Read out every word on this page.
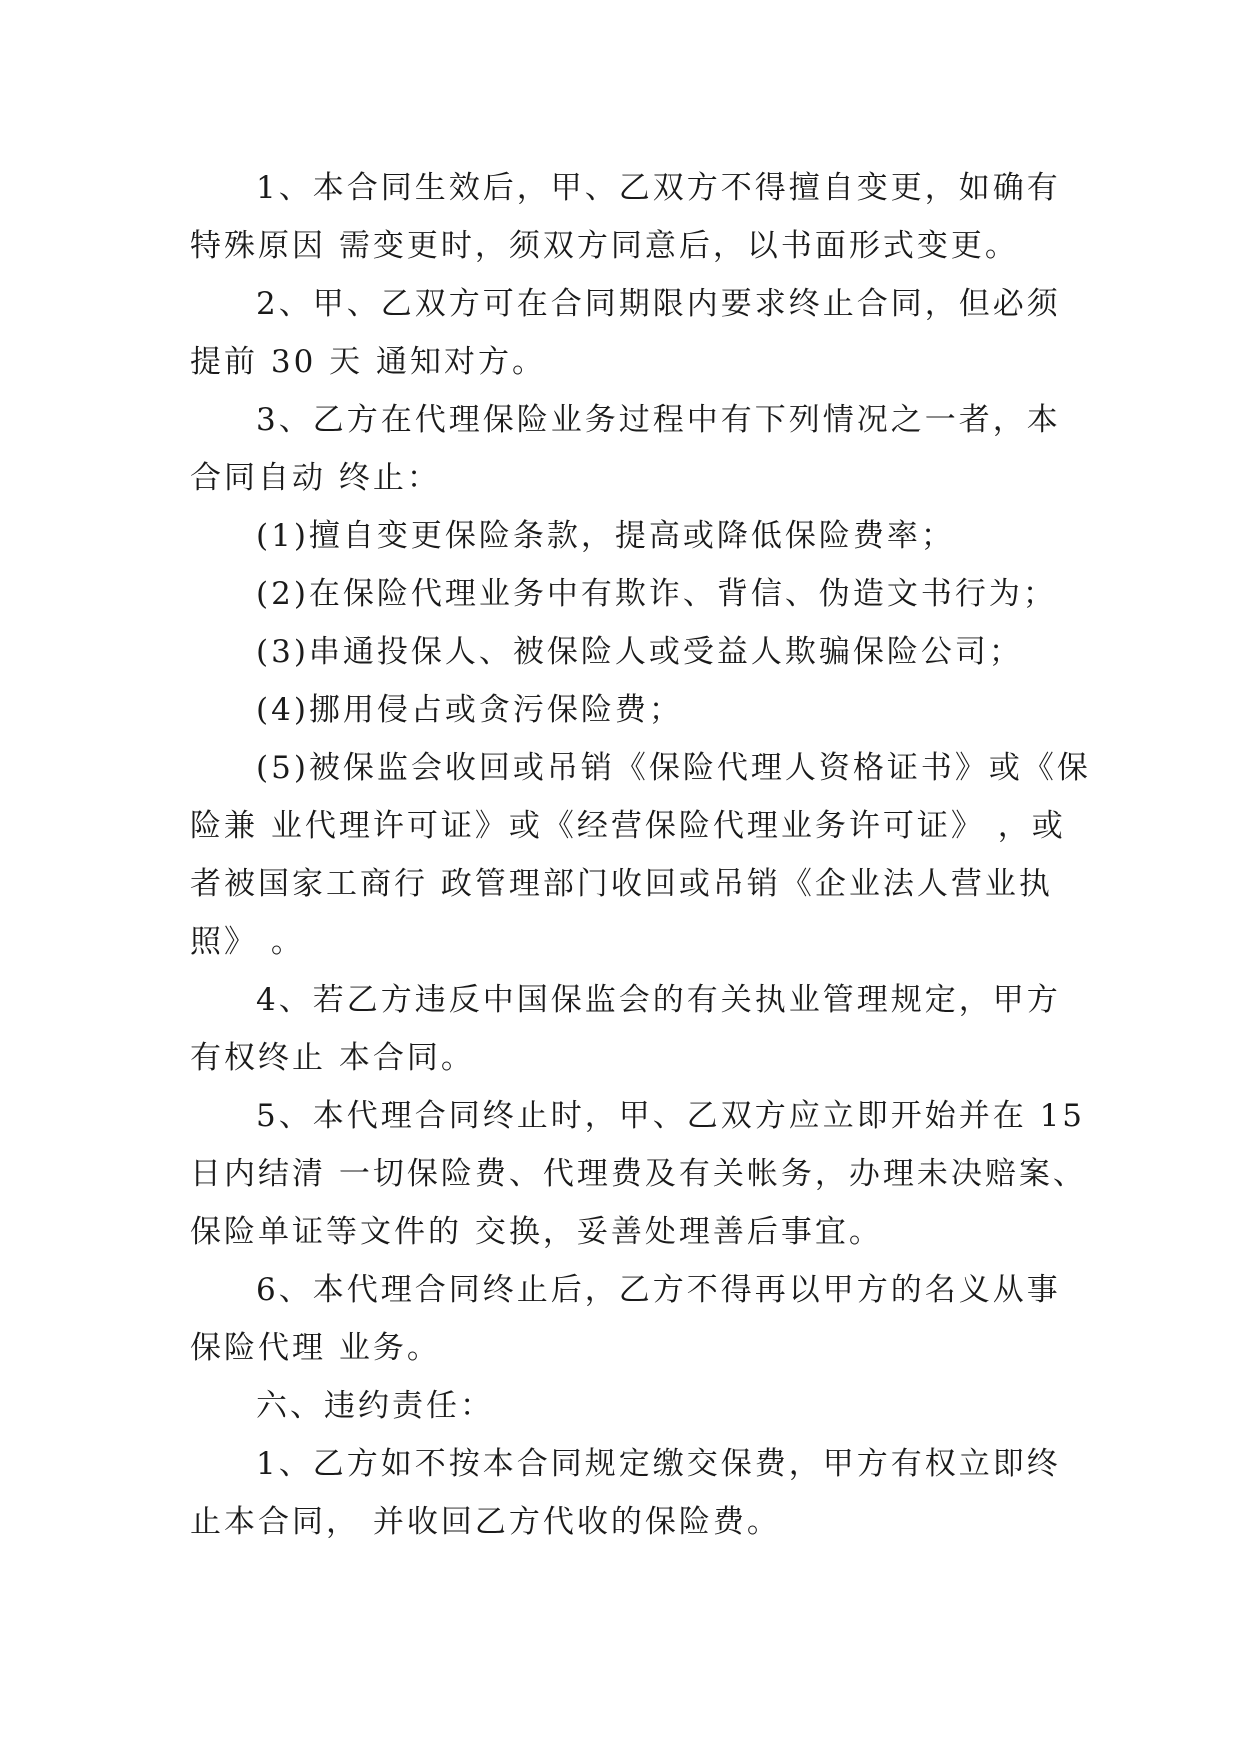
1、本合同生效后，甲、乙双方不得擅自变更，如确有
特殊原因 需变更时，须双方同意后，以书面形式变更。
2、甲、乙双方可在合同期限内要求终止合同，但必须
提前 30 天 通知对方。
3、乙方在代理保险业务过程中有下列情况之一者，本
合同自动 终止：
(1)擅自变更保险条款，提高或降低保险费率；
(2)在保险代理业务中有欺诈、背信、伪造文书行为；
(3)串通投保人、被保险人或受益人欺骗保险公司；
(4)挪用侵占或贪污保险费；
(5)被保监会收回或吊销《保险代理人资格证书》或《保
险兼 业代理许可证》或《经营保险代理业务许可证》 ，或
者被国家工商行 政管理部门收回或吊销《企业法人营业执
照》 。
4、若乙方违反中国保监会的有关执业管理规定，甲方
有权终止 本合同。
5、本代理合同终止时，甲、乙双方应立即开始并在 15
日内结清 一切保险费、代理费及有关帐务，办理未决赔案、
保险单证等文件的 交换，妥善处理善后事宜。
6、本代理合同终止后，乙方不得再以甲方的名义从事
保险代理 业务。
六、违约责任：
1、乙方如不按本合同规定缴交保费，甲方有权立即终
止本合同， 并收回乙方代收的保险费。
